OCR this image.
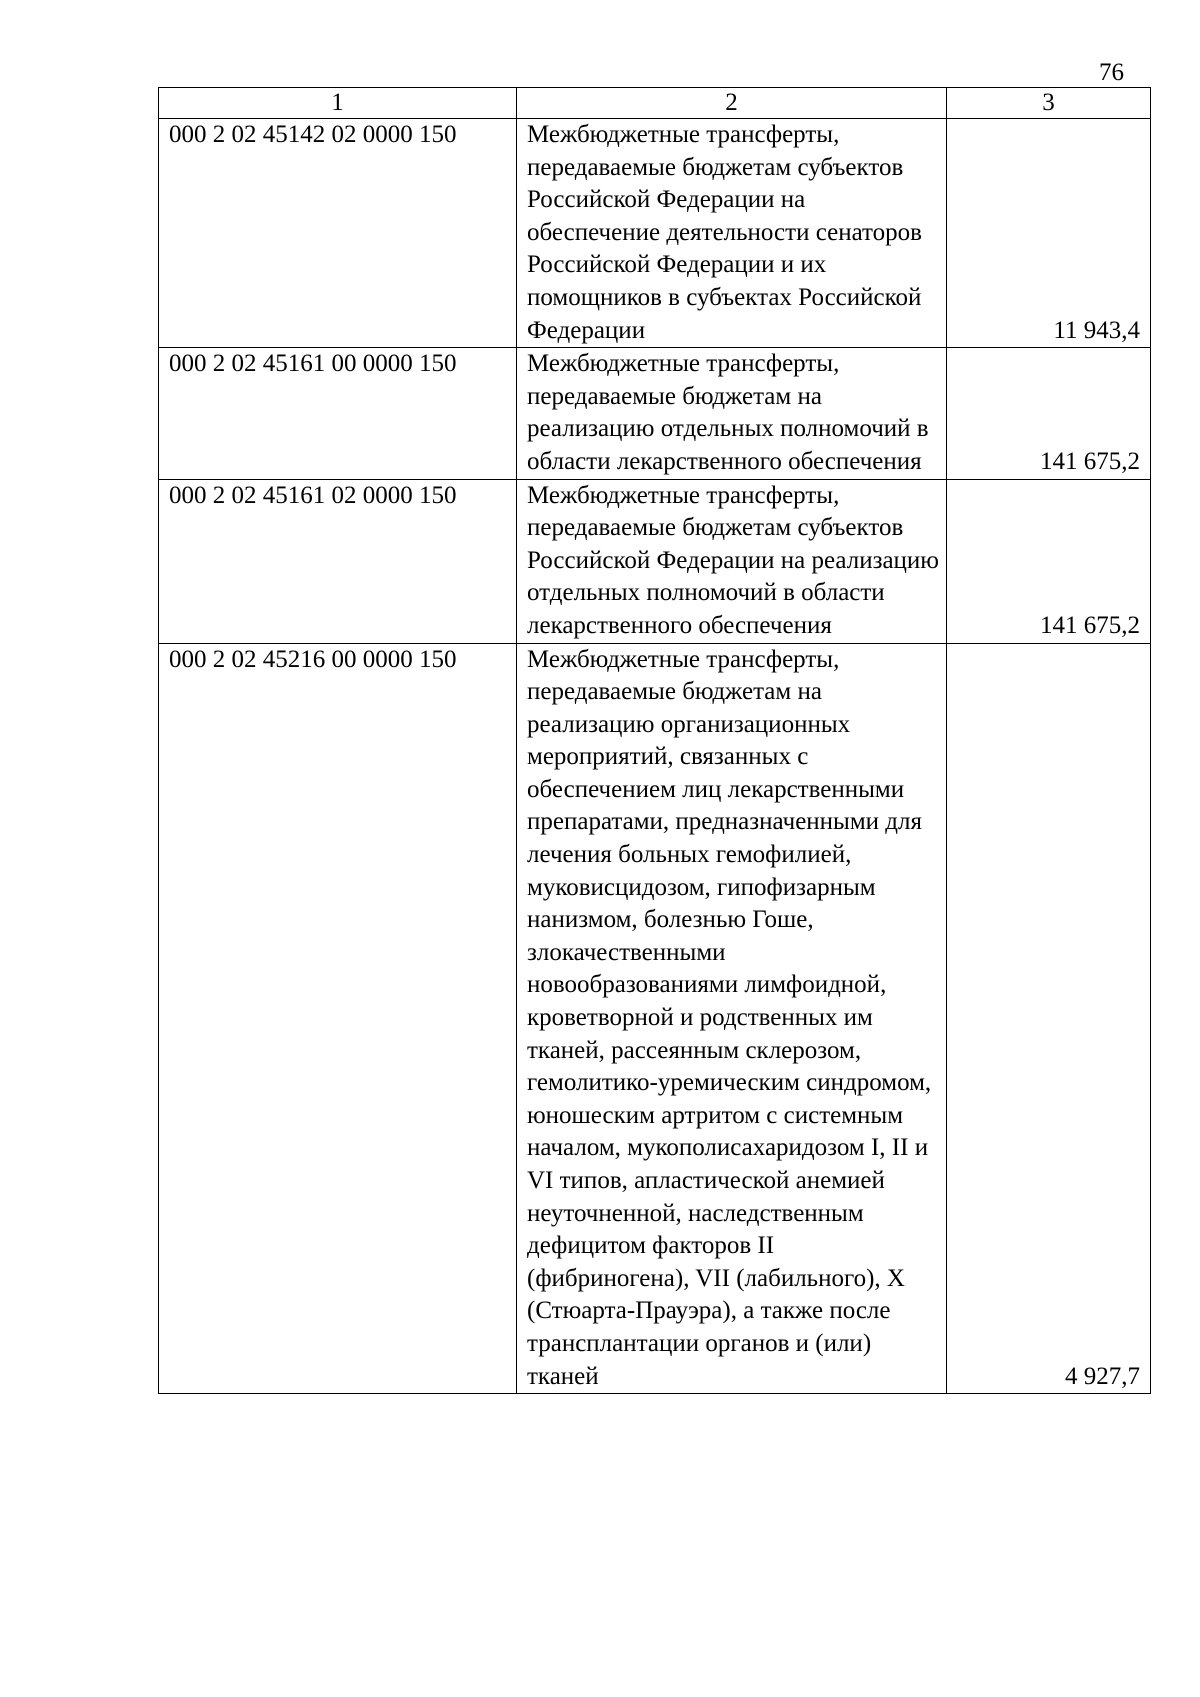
76
1	2	3
000 2 02 45142 02 0000 150	Межбюджетные трансферты, передаваемые бюджетам субъектов Российской Федерации на обеспечение деятельности сенаторов Российской Федерации и их помощников в субъектах Российской Федерации	11 943,4
000 2 02 45161 00 0000 150	Межбюджетные трансферты, передаваемые бюджетам на реализацию отдельных полномочий в области лекарственного обеспечения	141 675,2
000 2 02 45161 02 0000 150	Межбюджетные трансферты, передаваемые бюджетам субъектов Российской Федерации на реализацию отдельных полномочий в области лекарственного обеспечения	141 675,2
000 2 02 45216 00 0000 150	Межбюджетные трансферты, передаваемые бюджетам на реализацию организационных мероприятий, связанных с обеспечением лиц лекарственными препаратами, предназначенными для лечения больных гемофилией, муковисцидозом, гипофизарным нанизмом, болезнью Гоше, злокачественными новообразованиями лимфоидной, кроветворной и родственных им тканей, рассеянным склерозом, гемолитико-уремическим синдромом, юношеским артритом с системным началом, мукополисахаридозом I, II и VI типов, апластической анемией неуточненной, наследственным дефицитом факторов II (фибриногена), VII (лабильного), X (Стюарта-Прауэра), а также после трансплантации органов и (или) тканей	4 927,7
